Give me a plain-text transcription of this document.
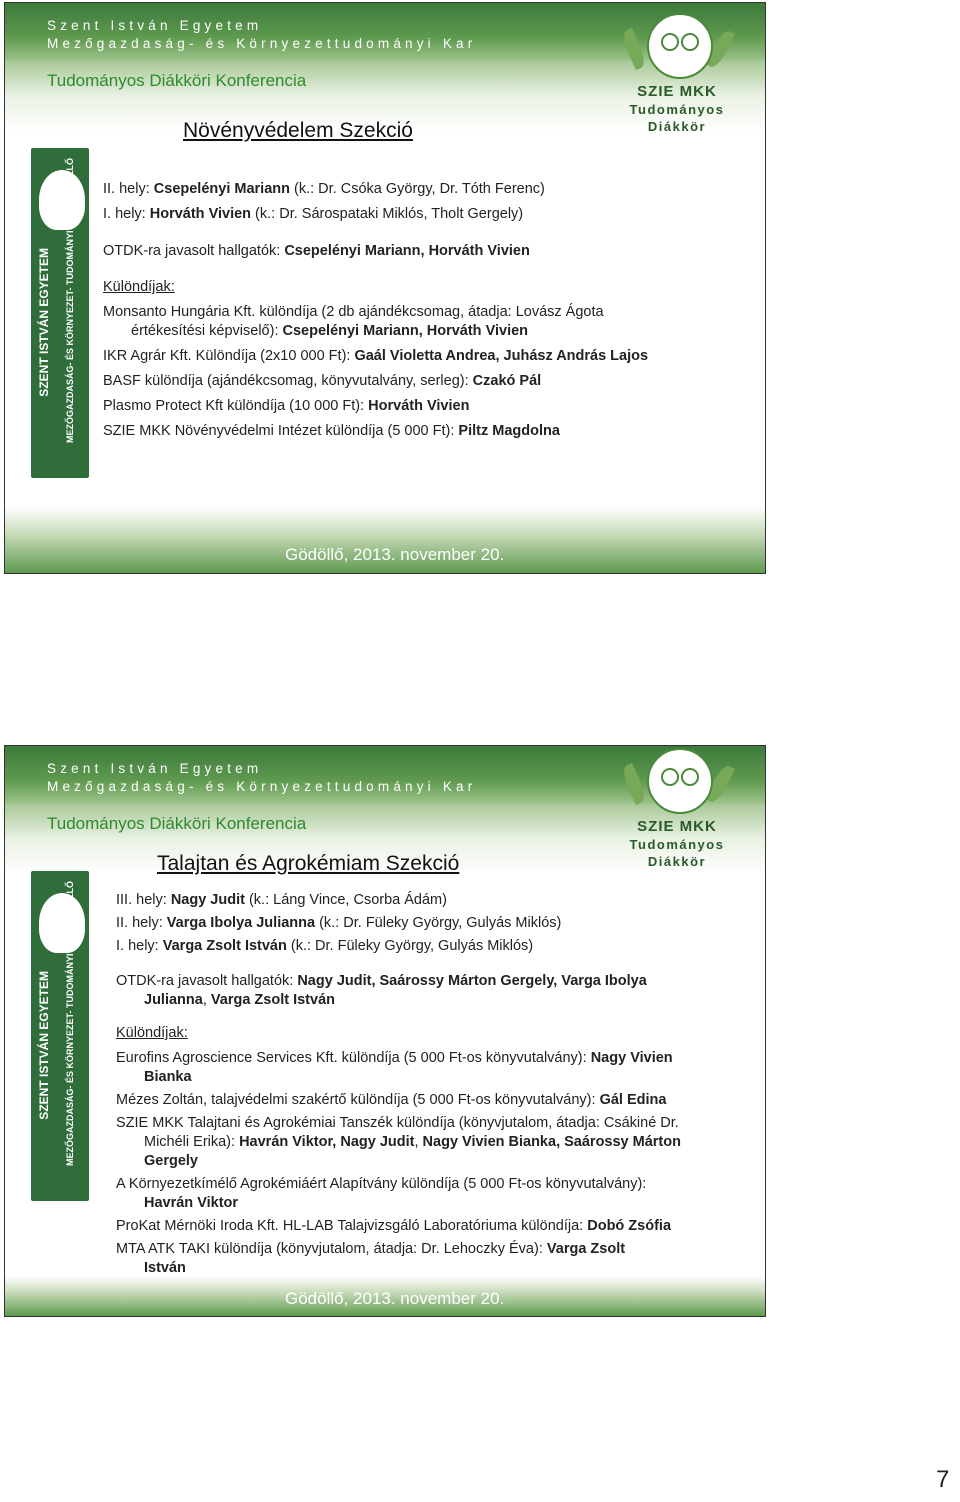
Szent István Egyetem
Mezőgazdaság- és Környezettudományi Kar
Tudományos Diákköri Konferencia
SZIE MKK
Tudományos
Diákkör
SZENT ISTVÁN EGYETEM MEZŐGAZDASÁG- ÉS KÖRNYEZET- TUDOMÁNYI KAR, GÖDÖLLŐ
Növényvédelem Szekció

II. hely: Csepelényi Mariann (k.: Dr. Csóka György, Dr. Tóth Ferenc)

I. hely: Horváth Vivien (k.: Dr. Sárospataki Miklós, Tholt Gergely)

OTDK-ra javasolt hallgatók: Csepelényi Mariann, Horváth Vivien

Különdíjak:

Monsanto Hungária Kft. különdíja (2 db ajándékcsomag, átadja: Lovász Ágota

értékesítési képviselő): Csepelényi Mariann, Horváth Vivien

IKR Agrár Kft. Különdíja (2x10 000 Ft): Gaál Violetta Andrea, Juhász András Lajos

BASF különdíja (ajándékcsomag, könyvutalvány, serleg): Czakó Pál

Plasmo Protect Kft különdíja (10 000 Ft): Horváth Vivien

SZIE MKK Növényvédelmi Intézet különdíja (5 000 Ft): Piltz Magdolna

Gödöllő, 2013. november 20.
Szent István Egyetem
Mezőgazdaság- és Környezettudományi Kar
Tudományos Diákköri Konferencia	SZIE MKK
Tudományos
Diákkör
SZENT ISTVÁN EGYETEM MEZŐGAZDASÁG- ÉS KÖRNYEZET- TUDOMÁNYI KAR, GÖDÖLLŐ
Talajtan és Agrokémiam Szekció

III. hely: Nagy Judit (k.: Láng Vince, Csorba Ádám)

II. hely: Varga Ibolya Julianna (k.: Dr. Füleky György, Gulyás Miklós)

I. hely: Varga Zsolt István (k.: Dr. Füleky György, Gulyás Miklós)

OTDK-ra javasolt hallgatók: Nagy Judit, Saárossy Márton Gergely, Varga Ibolya

Julianna, Varga Zsolt István

Különdíjak:

Eurofins Agroscience Services Kft. különdíja (5 000 Ft-os könyvutalvány): Nagy Vivien

Bianka

Mézes Zoltán, talajvédelmi szakértő különdíja (5 000 Ft-os könyvutalvány): Gál Edina

SZIE MKK Talajtani és Agrokémiai Tanszék különdíja (könyvjutalom, átadja: Csákiné Dr.

Michéli Erika): Havrán Viktor, Nagy Judit, Nagy Vivien Bianka, Saárossy Márton

Gergely

A Környezetkímélő Agrokémiáért Alapítvány különdíja (5 000 Ft-os könyvutalvány):

Havrán Viktor

ProKat Mérnöki Iroda Kft. HL-LAB Talajvizsgáló Laboratóriuma különdíja: Dobó Zsófia

MTA ATK TAKI különdíja (könyvjutalom, átadja: Dr. Lehoczky Éva): Varga Zsolt

István

Gödöllő, 2013. november 20.
7
